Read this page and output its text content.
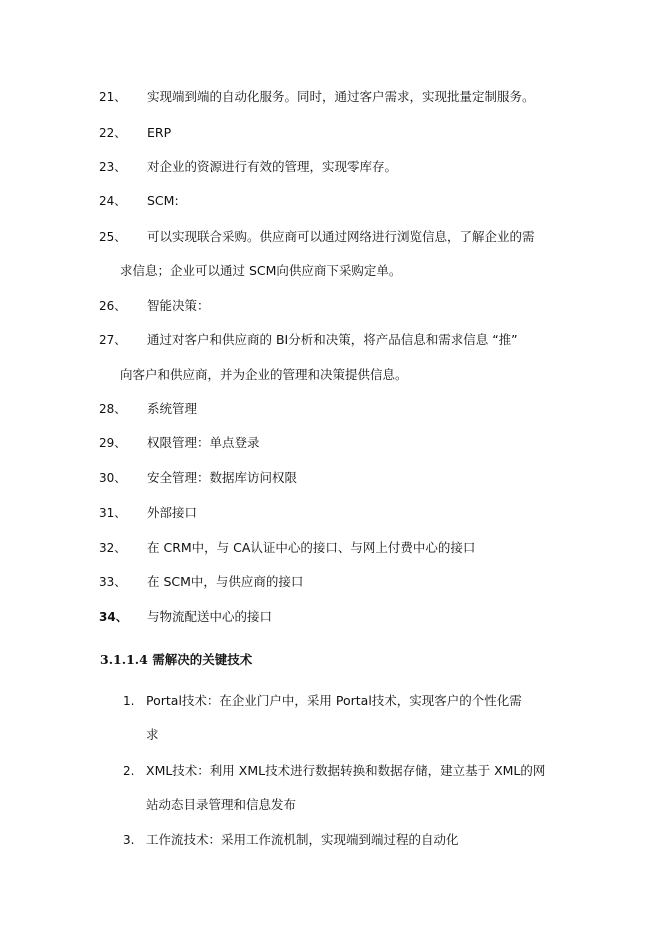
21、	实现端到端的自动化服务。同时，通过客户需求，实现批量定制服务。
22、	ERP
23、	对企业的资源进行有效的管理，实现零库存。
24、	SCM:
25、	可以实现联合采购。供应商可以通过网络进行浏览信息，了解企业的需
求信息；企业可以通过 SCM向供应商下采购定单。
26、	智能决策：
27、	通过对客户和供应商的 BI分析和决策，将产品信息和需求信息 “推”
向客户和供应商，并为企业的管理和决策提供信息。
28、	系统管理
29、	权限管理：单点登录
30、	安全管理：数据库访问权限
31、	外部接口
32、	在 CRM中，与 CA认证中心的接口、与网上付费中心的接口
33、	在 SCM中，与供应商的接口
34、	与物流配送中心的接口
3.1.1.4 需解决的关键技术
1. Portal技术：在企业门户中，采用 Portal技术，实现客户的个性化需
求
2. XML技术：利用 XML技术进行数据转换和数据存储，建立基于 XML的网
站动态目录管理和信息发布
3. 工作流技术：采用工作流机制，实现端到端过程的自动化
